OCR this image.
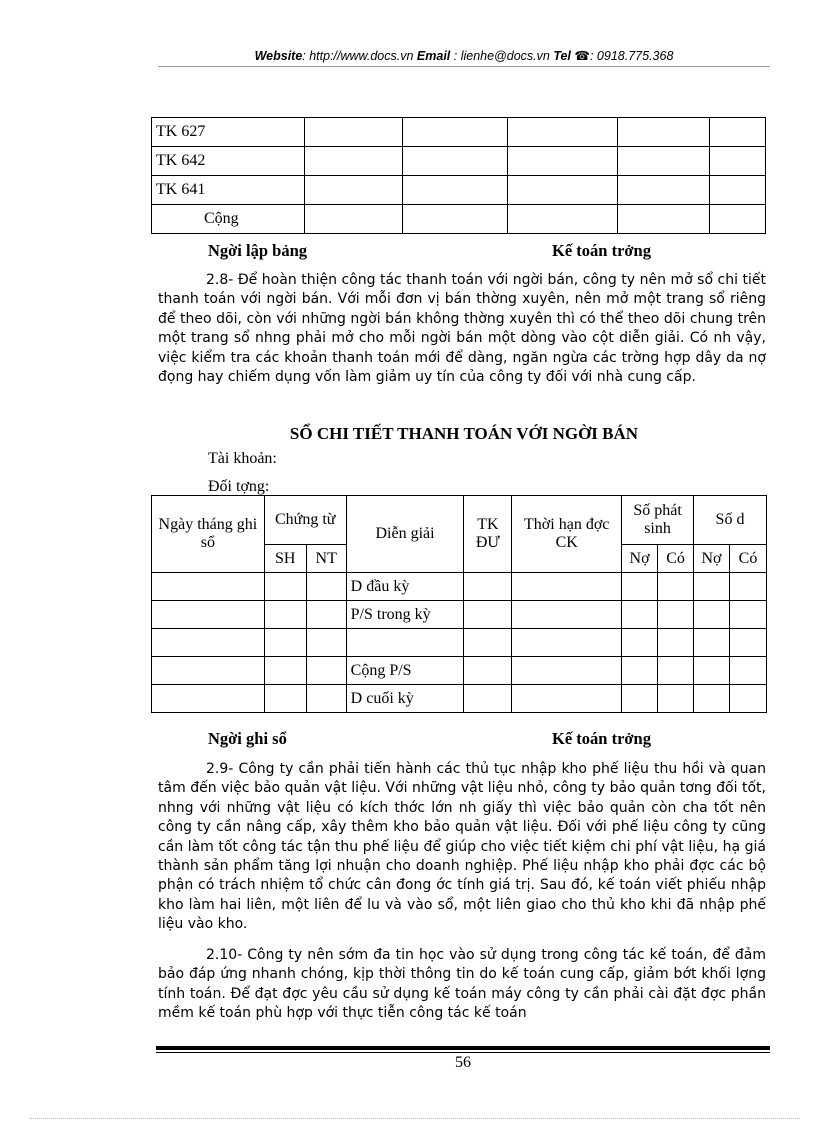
Website: http://www.docs.vn Email : lienhe@docs.vn Tel ☎: 0918.775.368
TK 627					
TK 642					
TK 641					
Cộng					
Ngời lập bảng	Kế toán trởng

2.8- Để hoàn thiện công tác thanh toán với ngời bán, công ty nên mở sổ chi tiết thanh toán với ngời bán. Với mỗi đơn vị bán thờng xuyên, nên mở một trang sổ riêng để theo dõi, còn với những ngời bán không thờng xuyên thì có thể theo dõi chung trên một trang sổ nhng phải mở cho mỗi ngời bán một dòng vào cột diễn giải. Có nh vậy, việc kiểm tra các khoản thanh toán mới để dàng, ngăn ngừa các trờng hợp dây da nợ đọng hay chiếm dụng vốn làm giảm uy tín của công ty đối với nhà cung cấp.

SỔ CHI TIẾT THANH TOÁN VỚI NGỜI BÁN
Tài khoản:
Đối tợng:
Ngày tháng ghi sổ	Chứng từ		Diễn giải	TK ĐƯ	Thời hạn đợc CK	Số phát sinh		Số d	
	SH	NT				Nợ	Có	Nợ	Có
			D đầu kỳ						
			P/S trong kỳ						

			Cộng P/S						
			D cuối kỳ						
Ngời ghi sổ	Kế toán trởng

2.9- Công ty cần phải tiến hành các thủ tục nhập kho phế liệu thu hồi và quan tâm đến việc bảo quản vật liệu. Với những vật liệu nhỏ, công ty bảo quản tơng đối tốt, nhng với những vật liệu có kích thớc lớn nh giấy thì việc bảo quản còn cha tốt nên công ty cần nâng cấp, xây thêm kho bảo quản vật liệu. Đối với phế liệu công ty cũng cần làm tốt công tác tận thu phế liệu để giúp cho việc tiết kiệm chi phí vật liệu, hạ giá thành sản phẩm tăng lợi nhuận cho doanh nghiệp. Phế liệu nhập kho phải đợc các bộ phận có trách nhiệm tổ chức cân đong ớc tính giá trị. Sau đó, kế toán viết phiếu nhập kho làm hai liên, một liên để lu và vào sổ, một liên giao cho thủ kho khi đã nhập phế liệu vào kho.

2.10- Công ty nên sớm đa tin học vào sử dụng trong công tác kế toán, để đảm bảo đáp ứng nhanh chóng, kịp thời thông tin do kế toán cung cấp, giảm bớt khối lợng tính toán. Để đạt đợc yêu cầu sử dụng kế toán máy công ty cần phải cài đặt đợc phần mềm kế toán phù hợp với thực tiễn công tác kế toán

56
